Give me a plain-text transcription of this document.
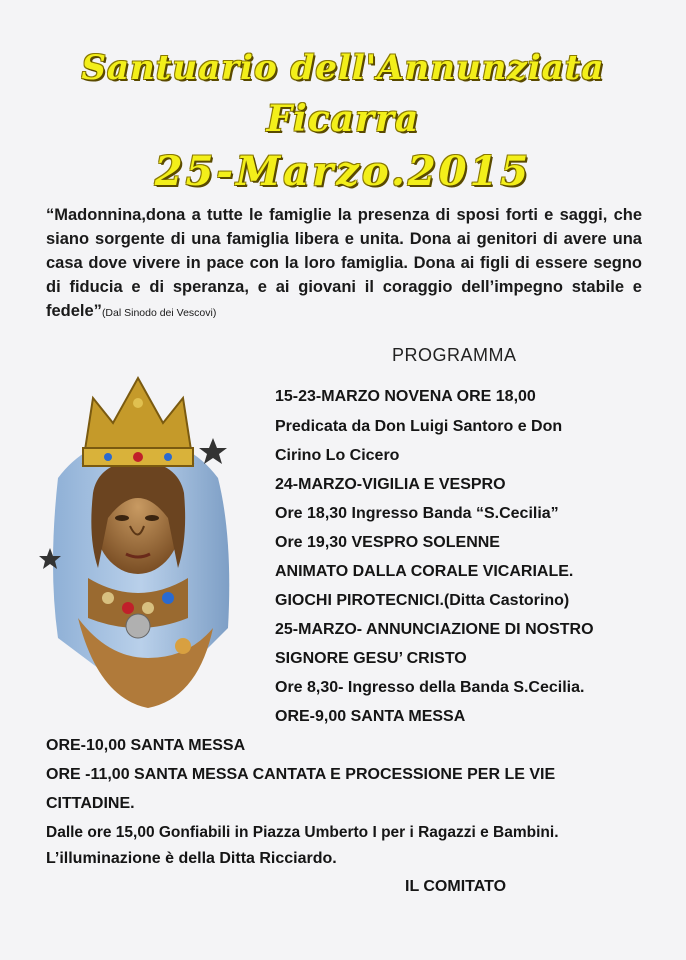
Santuario dell'Annunziata
Ficarra
25-Marzo.2015
“Madonnina,dona a tutte le famiglie la presenza di sposi forti e saggi, che siano sorgente di una famiglia libera e unita. Dona ai genitori di avere una casa dove vivere in pace con la loro famiglia. Dona ai figli di essere segno di fiducia e di speranza, e ai giovani il coraggio dell’impegno stabile e fedele”(Dal Sinodo dei Vescovi)
PROGRAMMA
15-23-MARZO NOVENA ORE 18,00
Predicata da Don Luigi Santoro e Don
Cirino Lo Cicero
24-MARZO-VIGILIA E VESPRO
Ore 18,30 Ingresso Banda “S.Cecilia”
Ore 19,30 VESPRO SOLENNE
ANIMATO DALLA CORALE VICARIALE.
GIOCHI PIROTECNICI.(Ditta Castorino)
25-MARZO- ANNUNCIAZIONE DI NOSTRO
SIGNORE GESU’ CRISTO
Ore 8,30- Ingresso della Banda S.Cecilia.
ORE-9,00 SANTA MESSA
ORE-10,00 SANTA MESSA
ORE -11,00 SANTA MESSA CANTATA E PROCESSIONE PER LE VIE
CITTADINE.
Dalle ore 15,00 Gonfiabili in Piazza Umberto I per i Ragazzi e Bambini.
L’illuminazione è della Ditta Ricciardo.
IL COMITATO
